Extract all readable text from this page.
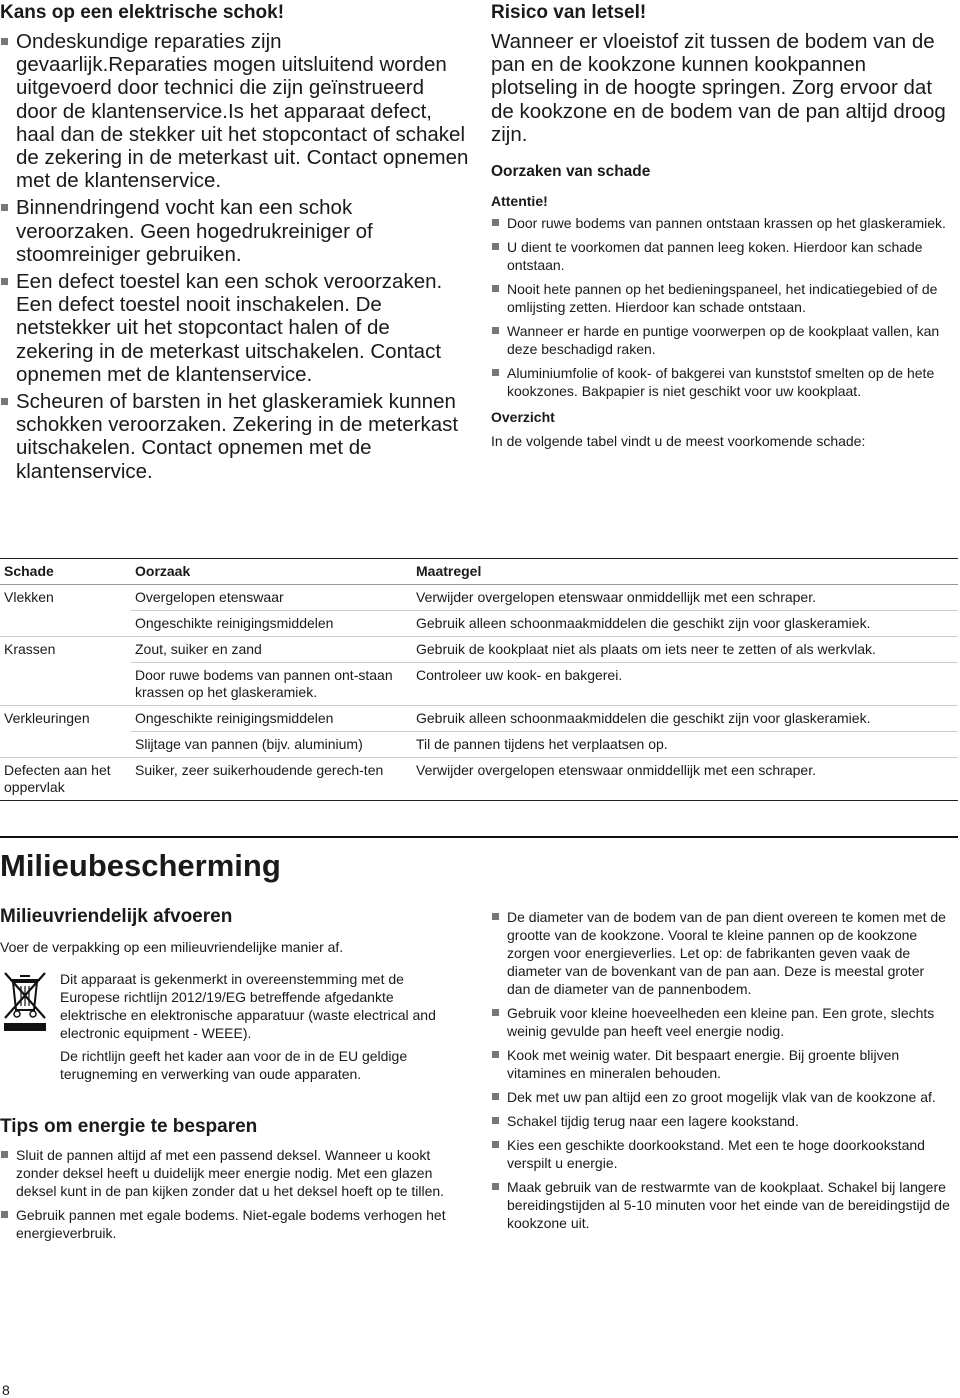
Kans op een elektrische schok!
Ondeskundige reparaties zijn gevaarlijk.Reparaties mogen uitsluitend worden uitgevoerd door technici die zijn geïnstrueerd door de klantenservice.Is het apparaat defect, haal dan de stekker uit het stopcontact of schakel de zekering in de meterkast uit. Contact opnemen met de klantenservice.
Binnendringend vocht kan een schok veroorzaken. Geen hogedrukreiniger of stoomreiniger gebruiken.
Een defect toestel kan een schok veroorzaken. Een defect toestel nooit inschakelen. De netstekker uit het stopcontact halen of de zekering in de meterkast uitschakelen. Contact opnemen met de klantenservice.
Scheuren of barsten in het glaskeramiek kunnen schokken veroorzaken. Zekering in de meterkast uitschakelen. Contact opnemen met de klantenservice.
Risico van letsel!

Wanneer er vloeistof zit tussen de bodem van de pan en de kookzone kunnen kookpannen plotseling in de hoogte springen. Zorg ervoor dat de kookzone en de bodem van de pan altijd droog zijn.

Oorzaken van schade

Attentie!

Door ruwe bodems van pannen ontstaan krassen op het glaskeramiek.
U dient te voorkomen dat pannen leeg koken. Hierdoor kan schade ontstaan.
Nooit hete pannen op het bedieningspaneel, het indicatiegebied of de omlijsting zetten. Hierdoor kan schade ontstaan.
Wanneer er harde en puntige voorwerpen op de kookplaat vallen, kan deze beschadigd raken.
Aluminiumfolie of kook- of bakgerei van kunststof smelten op de hete kookzones. Bakpapier is niet geschikt voor uw kookplaat.

Overzicht

In de volgende tabel vindt u de meest voorkomende schade:

Schade	Oorzaak	Maatregel
Vlekken	Overgelopen etenswaar	Verwijder overgelopen etenswaar onmiddellijk met een schraper.
	Ongeschikte reinigingsmiddelen	Gebruik alleen schoonmaakmiddelen die geschikt zijn voor glaskeramiek.
Krassen	Zout, suiker en zand	Gebruik de kookplaat niet als plaats om iets neer te zetten of als werkvlak.
	Door ruwe bodems van pannen ont-staan krassen op het glaskeramiek.	Controleer uw kook- en bakgerei.
Verkleuringen	Ongeschikte reinigingsmiddelen	Gebruik alleen schoonmaakmiddelen die geschikt zijn voor glaskeramiek.
	Slijtage van pannen (bijv. aluminium)	Til de pannen tijdens het verplaatsen op.
Defecten aan het oppervlak	Suiker, zeer suikerhoudende gerech-ten	Verwijder overgelopen etenswaar onmiddellijk met een schraper.

Milieubescherming

Milieuvriendelijk afvoeren

Voer de verpakking op een milieuvriendelijke manier af.

Dit apparaat is gekenmerkt in overeenstemming met de Europese richtlijn 2012/19/EG betreffende afgedankte elektrische en elektronische apparatuur (waste electrical and electronic equipment - WEEE).

De richtlijn geeft het kader aan voor de in de EU geldige terugneming en verwerking van oude apparaten.

Tips om energie te besparen

Sluit de pannen altijd af met een passend deksel. Wanneer u kookt zonder deksel heeft u duidelijk meer energie nodig. Met een glazen deksel kunt in de pan kijken zonder dat u het deksel hoeft op te tillen.
Gebruik pannen met egale bodems. Niet-egale bodems verhogen het energieverbruik.
De diameter van de bodem van de pan dient overeen te komen met de grootte van de kookzone. Vooral te kleine pannen op de kookzone zorgen voor energieverlies. Let op: de fabrikanten geven vaak de diameter van de bovenkant van de pan aan. Deze is meestal groter dan de diameter van de pannenbodem.
Gebruik voor kleine hoeveelheden een kleine pan. Een grote, slechts weinig gevulde pan heeft veel energie nodig.
Kook met weinig water. Dit bespaart energie. Bij groente blijven vitamines en mineralen behouden.
Dek met uw pan altijd een zo groot mogelijk vlak van de kookzone af.
Schakel tijdig terug naar een lagere kookstand.
Kies een geschikte doorkookstand. Met een te hoge doorkookstand verspilt u energie.
Maak gebruik van de restwarmte van de kookplaat. Schakel bij langere bereidingstijden al 5-10 minuten voor het einde van de bereidingstijd de kookzone uit.
8
